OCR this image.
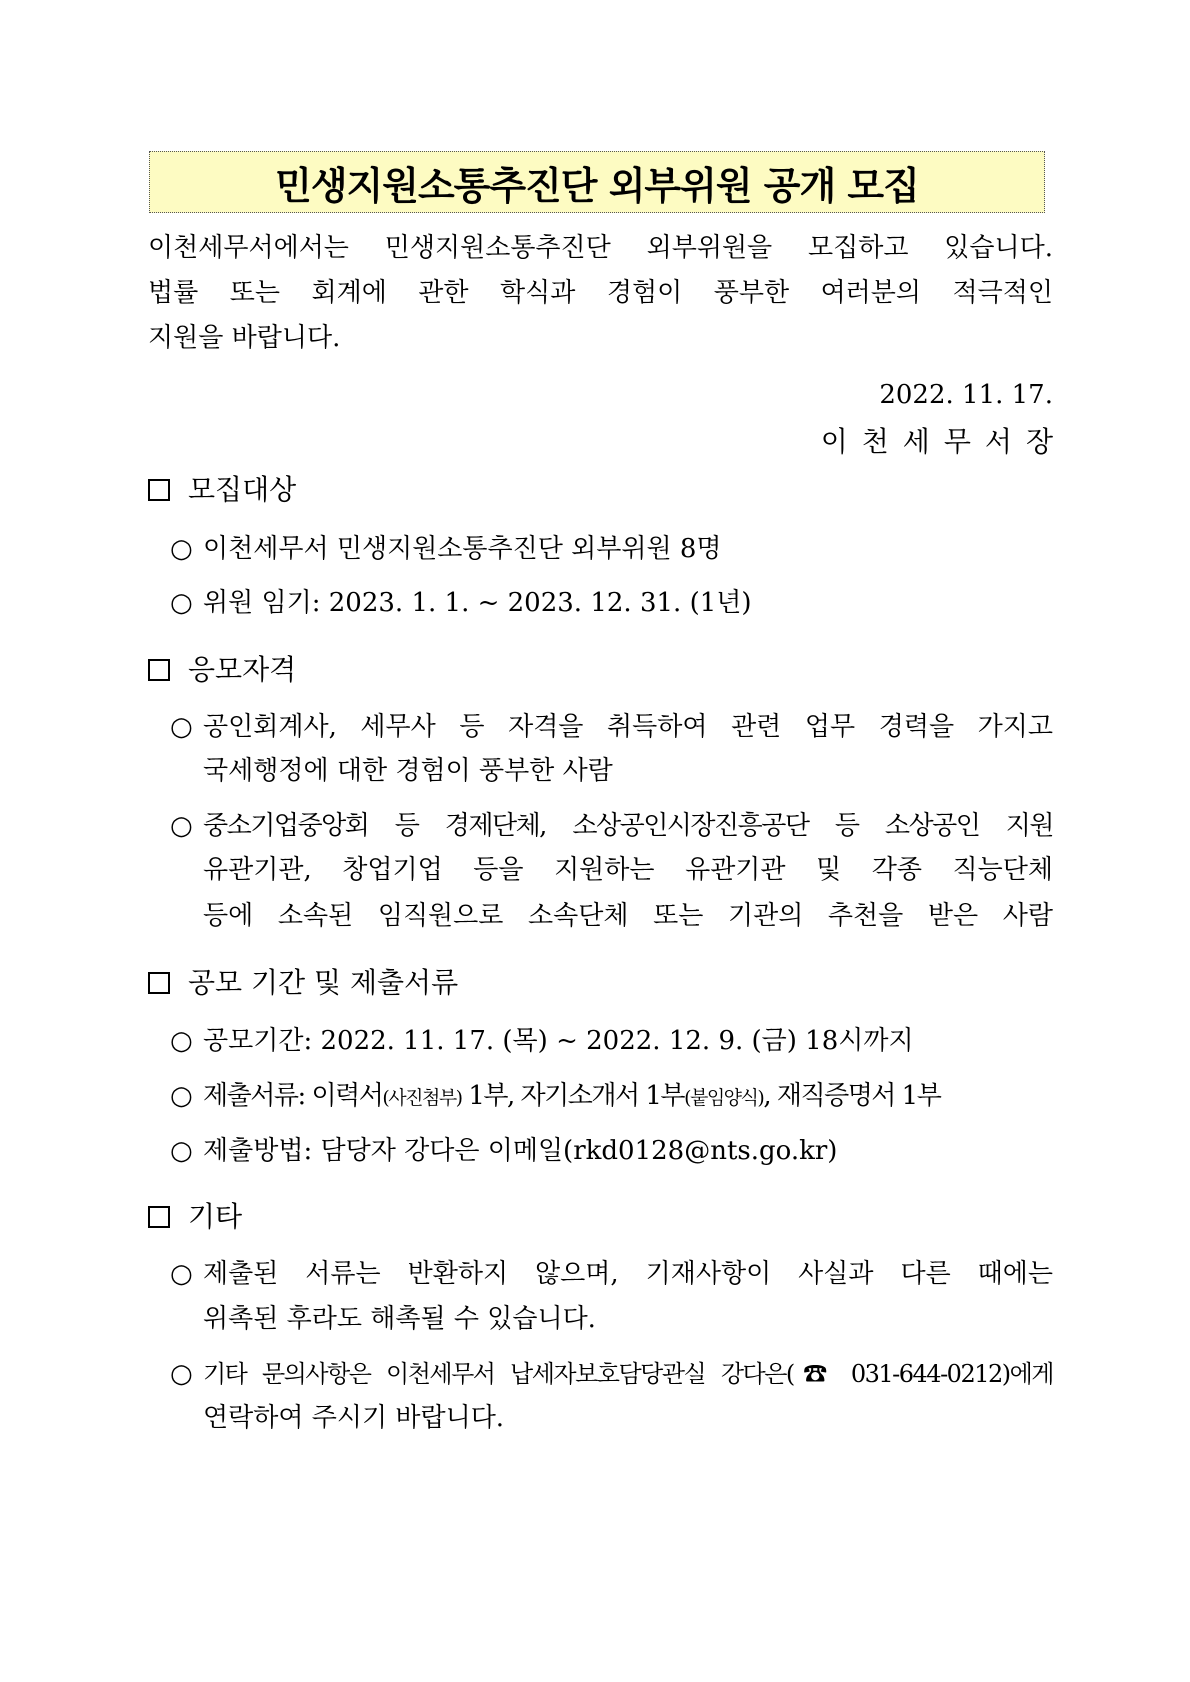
민생지원소통추진단 외부위원 공개 모집
이천세무서에서는 민생지원소통추진단 외부위원을 모집하고 있습니다.
법률 또는 회계에 관한 학식과 경험이 풍부한 여러분의 적극적인
지원을 바랍니다.
2022. 11. 17.
이천세무서장
모집대상
○ 이천세무서 민생지원소통추진단 외부위원 8명
○ 위원 임기: 2023. 1. 1. ~ 2023. 12. 31. (1년)
응모자격
○ 공인회계사, 세무사 등 자격을 취득하여 관련 업무 경력을 가지고
국세행정에 대한 경험이 풍부한 사람
○ 중소기업중앙회 등 경제단체, 소상공인시장진흥공단 등 소상공인 지원
유관기관, 창업기업 등을 지원하는 유관기관 및 각종 직능단체
등에 소속된 임직원으로 소속단체 또는 기관의 추천을 받은 사람
공모 기간 및 제출서류
○ 공모기간: 2022. 11. 17. (목) ~ 2022. 12. 9. (금) 18시까지
○ 제출서류: 이력서(사진첨부) 1부, 자기소개서 1부(붙임양식), 재직증명서 1부
○ 제출방법: 담당자 강다은 이메일(rkd0128@nts.go.kr)
기타
○ 제출된 서류는 반환하지 않으며, 기재사항이 사실과 다른 때에는
위촉된 후라도 해촉될 수 있습니다.
○ 기타 문의사항은 이천세무서 납세자보호담당관실 강다은(☎ 031-644-0212)에게
연락하여 주시기 바랍니다.
